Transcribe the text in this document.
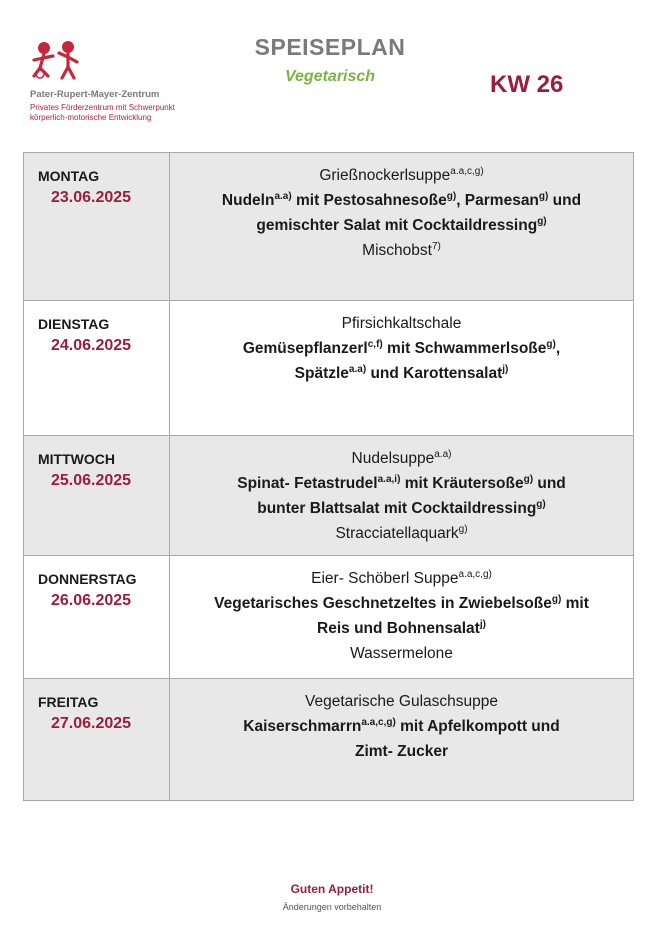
Pater-Rupert-Mayer-Zentrum
Privates Förderzentrum mit Schwerpunkt
körperlich-motorische Entwicklung
SPEISEPLAN
Vegetarisch	KW 26
MONTAG
23.06.2025	Grießnockerlsuppe$^{a.a,c,g)}$
Nudeln$^{a.a)}$ mit Pestosahnesoße$^{g)}$, Parmesan$^{g)}$ und
gemischter Salat mit Cocktaildressing$^{g)}$
Mischobst$^{7)}$

DIENSTAG
24.06.2025	Pfirsichkaltschale
Gemüsepflanzerl$^{c,f)}$ mit Schwammerlsoße$^{g)}$,
Spätzle$^{a.a)}$ und Karottensalat$^{j)}$

MITTWOCH
25.06.2025	Nudelsuppe$^{a.a)}$
Spinat- Fetastrudel$^{a.a,i)}$ mit Kräutersoße$^{g)}$ und
bunter Blattsalat mit Cocktaildressing$^{g)}$
Stracciatellaquark$^{g)}$

DONNERSTAG
26.06.2025	Eier- Schöberl Suppe$^{a.a,c,g)}$
Vegetarisches Geschnetzeltes in Zwiebelsoße$^{g)}$ mit
Reis und Bohnensalat$^{j)}$
Wassermelone

FREITAG
27.06.2025	Vegetarische Gulaschsuppe
Kaiserschmarrn$^{a.a,c,g)}$ mit Apfelkompott und
Zimt- Zucker
Guten Appetit!
Änderungen vorbehalten
